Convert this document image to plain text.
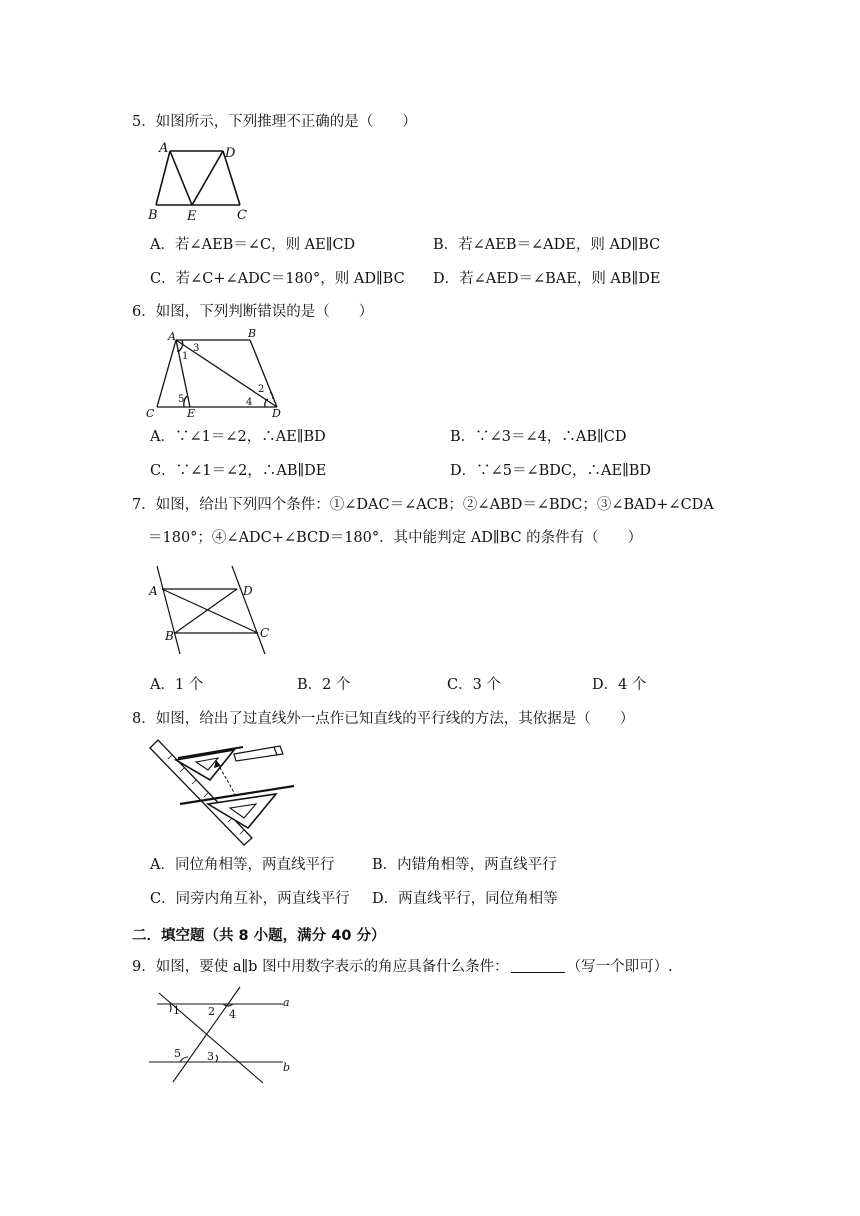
5．如图所示，下列推理不正确的是（　　）
A	D
B E	C
A．若∠AEB＝∠C，则 AE∥CD	B．若∠AEB＝∠ADE，则 AD∥BC
C．若∠C+∠ADC＝180°，则 AD∥BC D．若∠AED＝∠BAE，则 AB∥DE
6．如图，下列判断错误的是（　　）
A	B
C	E	D
1
2
3
4
5
A．∵∠1＝∠2，∴AE∥BD	B．∵∠3＝∠4，∴AB∥CD
C．∵∠1＝∠2，∴AB∥DE	D．∵∠5＝∠BDC，∴AE∥BD
7．如图，给出下列四个条件：①∠DAC＝∠ACB；②∠ABD＝∠BDC；③∠BAD+∠CDA
＝180°；④∠ADC+∠BCD＝180°．其中能判定 AD∥BC 的条件有（　　）
A	D
B	C
A．1 个	B．2 个	C．3 个	D．4 个
8．如图，给出了过直线外一点作已知直线的平行线的方法，其依据是（　　）
A．同位角相等，两直线平行	B．内错角相等，两直线平行
C．同旁内角互补，两直线平行 D．两直线平行，同位角相等
二．填空题（共 8 小题，满分 40 分）
9．如图，要使 a∥b 图中用数字表示的角应具备什么条件：	（写一个即可）.
1	2 4
5 3
a
b
